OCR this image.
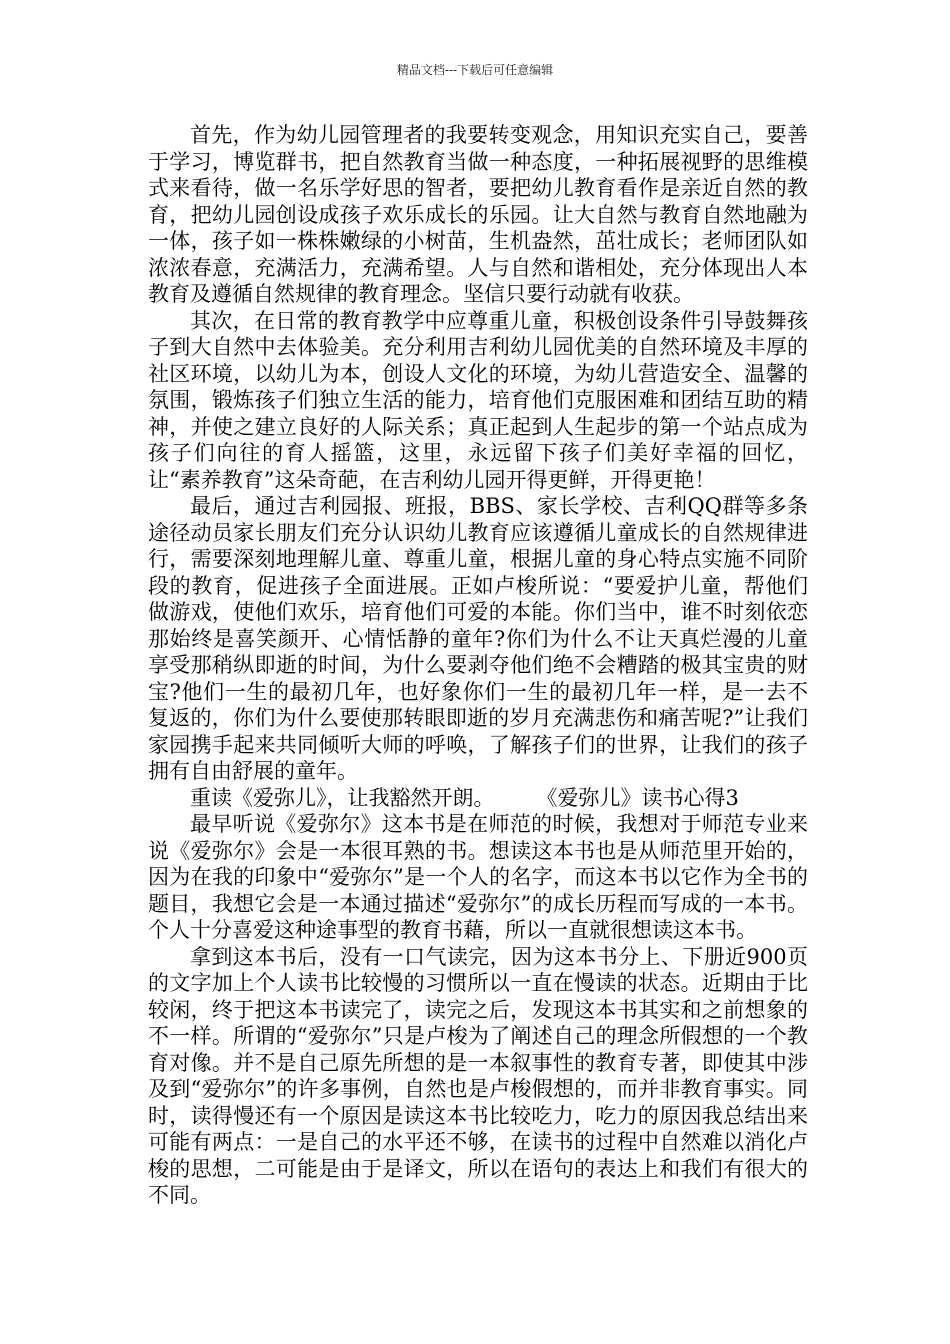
精品文档---下载后可任意编辑

首先，作为幼儿园管理者的我要转变观念，用知识充实自己，要善于学习，博览群书，把自然教育当做一种态度，一种拓展视野的思维模式来看待，做一名乐学好思的智者，要把幼儿教育看作是亲近自然的教育，把幼儿园创设成孩子欢乐成长的乐园。让大自然与教育自然地融为一体，孩子如一株株嫩绿的小树苗，生机盎然，茁壮成长；老师团队如浓浓春意，充满活力，充满希望。人与自然和谐相处，充分体现出人本教育及遵循自然规律的教育理念。坚信只要行动就有收获。

其次，在日常的教育教学中应尊重儿童，积极创设条件引导鼓舞孩子到大自然中去体验美。充分利用吉利幼儿园优美的自然环境及丰厚的社区环境，以幼儿为本，创设人文化的环境，为幼儿营造安全、温馨的氛围，锻炼孩子们独立生活的能力，培育他们克服困难和团结互助的精神，并使之建立良好的人际关系；真正起到人生起步的第一个站点成为孩子们向往的育人摇篮，这里，永远留下孩子们美好幸福的回忆，让“素养教育”这朵奇葩，在吉利幼儿园开得更鲜，开得更艳！

最后，通过吉利园报、班报，BBS、家长学校、吉利QQ群等多条途径动员家长朋友们充分认识幼儿教育应该遵循儿童成长的自然规律进行，需要深刻地理解儿童、尊重儿童，根据儿童的身心特点实施不同阶段的教育，促进孩子全面进展。正如卢梭所说：“要爱护儿童，帮他们做游戏，使他们欢乐，培育他们可爱的本能。你们当中，谁不时刻依恋那始终是喜笑颜开、心情恬静的童年?你们为什么不让天真烂漫的儿童享受那稍纵即逝的时间，为什么要剥夺他们绝不会糟踏的极其宝贵的财宝?他们一生的最初几年，也好象你们一生的最初几年一样，是一去不复返的，你们为什么要使那转眼即逝的岁月充满悲伤和痛苦呢?”让我们家园携手起来共同倾听大师的呼唤，了解孩子们的世界，让我们的孩子拥有自由舒展的童年。

重读《爱弥儿》，让我豁然开朗。　　　《爱弥儿》读书心得3

最早听说《爱弥尔》这本书是在师范的时候，我想对于师范专业来说《爱弥尔》会是一本很耳熟的书。想读这本书也是从师范里开始的，因为在我的印象中“爱弥尔”是一个人的名字，而这本书以它作为全书的题目，我想它会是一本通过描述“爱弥尔”的成长历程而写成的一本书。个人十分喜爱这种途事型的教育书藉，所以一直就很想读这本书。

拿到这本书后，没有一口气读完，因为这本书分上、下册近900页的文字加上个人读书比较慢的习惯所以一直在慢读的状态。近期由于比较闲，终于把这本书读完了，读完之后，发现这本书其实和之前想象的不一样。所谓的“爱弥尔”只是卢梭为了阐述自己的理念所假想的一个教育对像。并不是自己原先所想的是一本叙事性的教育专著，即使其中涉及到“爱弥尔”的许多事例，自然也是卢梭假想的，而并非教育事实。同时，读得慢还有一个原因是读这本书比较吃力，吃力的原因我总结出来可能有两点：一是自己的水平还不够，在读书的过程中自然难以消化卢梭的思想，二可能是由于是译文，所以在语句的表达上和我们有很大的不同。
